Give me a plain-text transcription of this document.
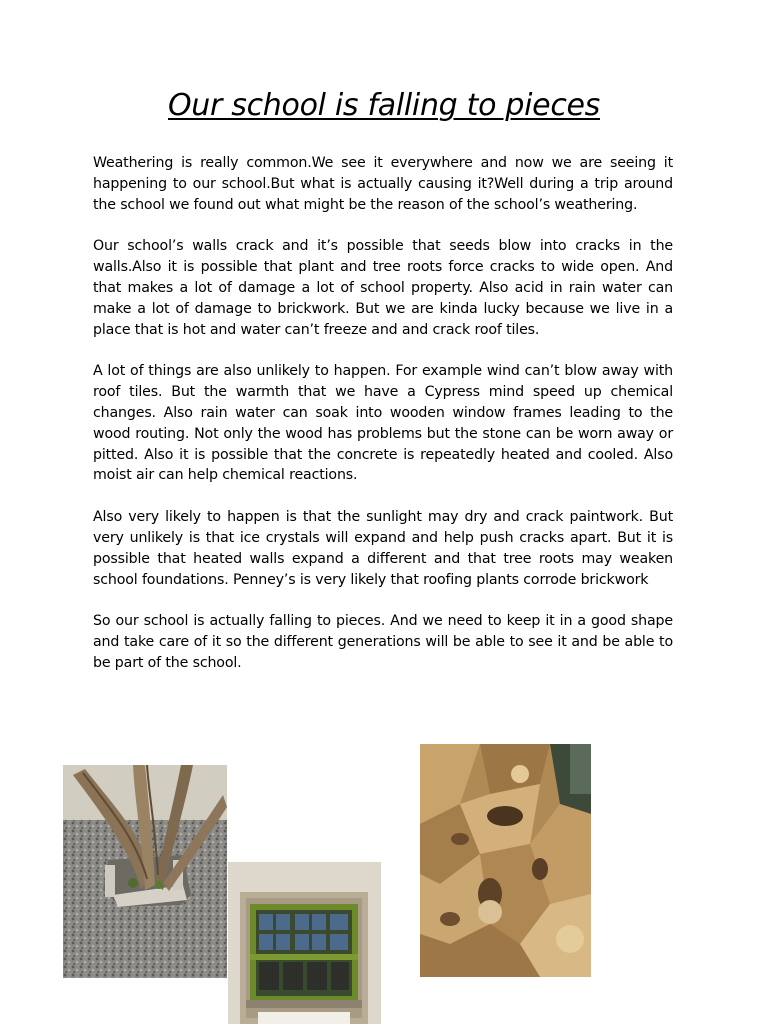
Our school is falling to pieces

Weathering is really common.We see it everywhere and now we are seeing it happening to our school.But what is actually causing it?Well during a trip around the school we found out what might be the reason of the school’s weathering.

Our school’s walls crack and it’s possible that seeds blow into cracks in the walls.Also it is possible that plant and tree roots force cracks to wide open. And that makes a lot of damage a lot of school property. Also acid in rain water can make a lot of damage to brickwork. But we are kinda lucky because we live in a place that is hot and water can’t freeze and and crack roof tiles.

A lot of things are also unlikely to happen. For example wind can’t blow away with roof tiles. But the warmth that we have a Cypress mind speed up chemical changes. Also rain water can soak into wooden window frames leading to the wood routing. Not only the wood has problems but the stone can be worn away or pitted. Also it is possible that the concrete is repeatedly heated and cooled. Also moist air can help chemical reactions.

Also very likely to happen is that the sunlight may dry and crack paintwork. But very unlikely is that ice crystals will expand and help push cracks apart. But it is possible that heated walls expand a different and that tree roots may weaken school foundations. Penney’s is very likely that roofing plants corrode brickwork

So our school is actually falling to pieces. And we need to keep it in a good shape and take care of it so the different generations will be able to see it and be able to be part of the school.
